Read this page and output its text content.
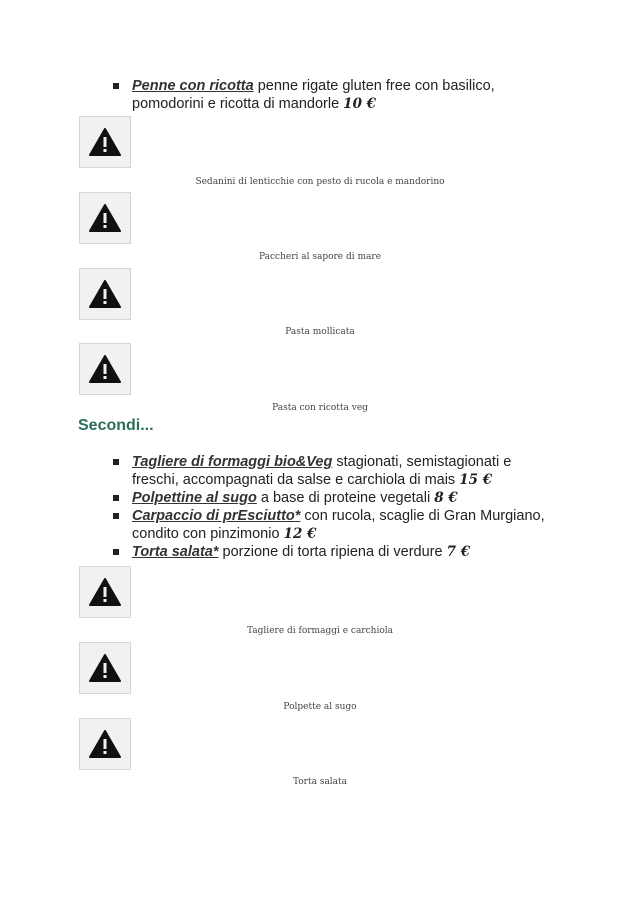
Penne con ricotta penne rigate gluten free con basilico, pomodorini e ricotta di mandorle 10 €
Sedanini di lenticchie con pesto di rucola e mandorino
Paccheri al sapore di mare
Pasta mollicata
Pasta con ricotta veg
Secondi...
Tagliere di formaggi bio&Veg stagionati, semistagionati e freschi, accompagnati da salse e carchiola di mais 15 €
Polpettine al sugo a base di proteine vegetali 8 €
Carpaccio di prEsciutto* con rucola, scaglie di Gran Murgiano, condito con pinzimonio 12 €
Torta salata* porzione di torta ripiena di verdure 7 €
Tagliere di formaggi e carchiola
Polpette al sugo
Torta salata
